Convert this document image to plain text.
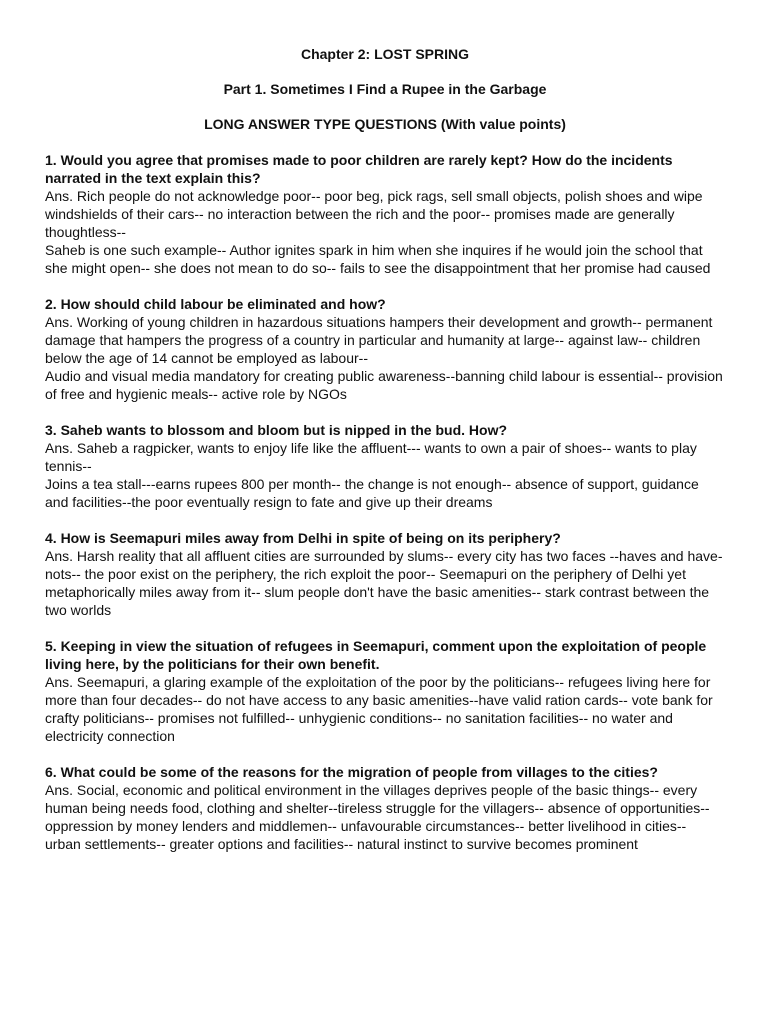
Chapter 2: LOST SPRING

Part 1. Sometimes I Find a Rupee in the Garbage

LONG ANSWER TYPE QUESTIONS (With value points)

1. Would you agree that promises made to poor children are rarely kept? How do the incidents narrated in the text explain this?

Ans. Rich people do not acknowledge poor-- poor beg, pick rags, sell small objects, polish shoes and wipe windshields of their cars-- no interaction between the rich and the poor-- promises made are generally thoughtless--

Saheb is one such example-- Author ignites spark in him when she inquires if he would join the school that she might open-- she does not mean to do so-- fails to see the disappointment that her promise had caused

2. How should child labour be eliminated and how?

Ans. Working of young children in hazardous situations hampers their development and growth-- permanent damage that hampers the progress of a country in particular and humanity at large-- against law-- children below the age of 14 cannot be employed as labour--

Audio and visual media mandatory for creating public awareness--banning child labour is essential-- provision of free and hygienic meals-- active role by NGOs

3. Saheb wants to blossom and bloom but is nipped in the bud. How?

Ans. Saheb a ragpicker, wants to enjoy life like the affluent--- wants to own a pair of shoes-- wants to play tennis--

Joins a tea stall---earns rupees 800 per month-- the change is not enough-- absence of support, guidance and facilities--the poor eventually resign to fate and give up their dreams

4. How is Seemapuri miles away from Delhi in spite of being on its periphery?

Ans. Harsh reality that all affluent cities are surrounded by slums-- every city has two faces --haves and have-nots-- the poor exist on the periphery, the rich exploit the poor-- Seemapuri on the periphery of Delhi yet metaphorically miles away from it-- slum people don't have the basic amenities-- stark contrast between the two worlds

5. Keeping in view the situation of refugees in Seemapuri, comment upon the exploitation of people living here, by the politicians for their own benefit.

Ans. Seemapuri, a glaring example of the exploitation of the poor by the politicians-- refugees living here for more than four decades-- do not have access to any basic amenities--have valid ration cards-- vote bank for crafty politicians-- promises not fulfilled-- unhygienic conditions-- no sanitation facilities-- no water and electricity connection

6. What could be some of the reasons for the migration of people from villages to the cities?

Ans. Social, economic and political environment in the villages deprives people of the basic things-- every human being needs food, clothing and shelter--tireless struggle for the villagers-- absence of opportunities-- oppression by money lenders and middlemen-- unfavourable circumstances-- better livelihood in cities-- urban settlements-- greater options and facilities-- natural instinct to survive becomes prominent
